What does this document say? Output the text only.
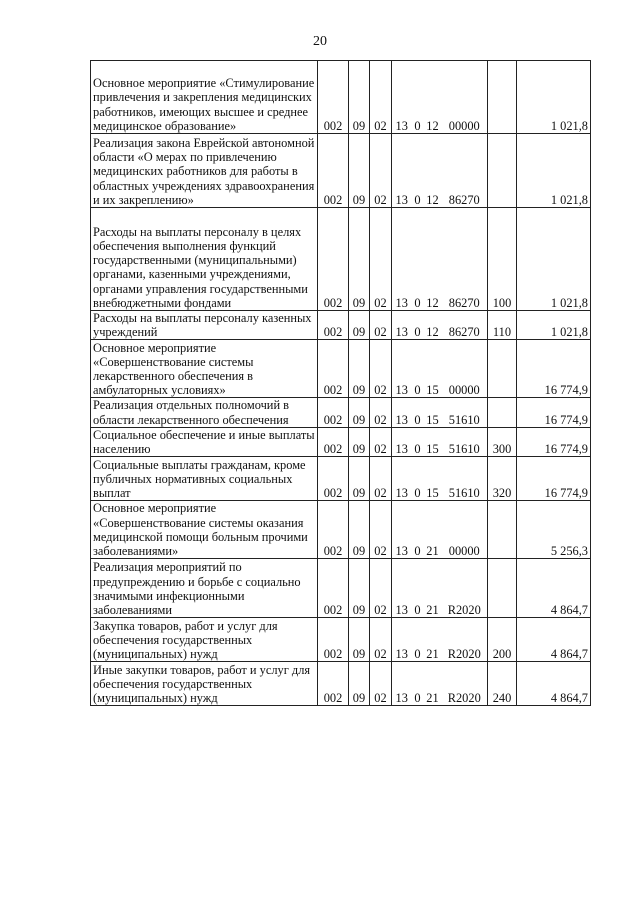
20
Основное мероприятие «Стимулирование привлечения и закрепления медицинских работников, имеющих высшее и среднее медицинское образование»	002	09	02	13	0	12	00000		1 021,8
Реализация закона Еврейской автономной области «О мерах по привлечению медицинских работников для работы в областных учреждениях здравоохранения и их закреплению»	002	09	02	13	0	12	86270		1 021,8
Расходы на выплаты персоналу в целях обеспечения выполнения функций государственными (муниципальными) органами, казенными учреждениями, органами управления государственными внебюджетными фондами	002	09	02	13	0	12	86270	100	1 021,8
Расходы на выплаты персоналу казенных учреждений	002	09	02	13	0	12	86270	110	1 021,8
Основное мероприятие «Совершенствование системы лекарственного обеспечения в амбулаторных условиях»	002	09	02	13	0	15	00000		16 774,9
Реализация отдельных полномочий в области лекарственного обеспечения	002	09	02	13	0	15	51610		16 774,9
Социальное обеспечение и иные выплаты населению	002	09	02	13	0	15	51610	300	16 774,9
Социальные выплаты гражданам, кроме публичных нормативных социальных выплат	002	09	02	13	0	15	51610	320	16 774,9
Основное мероприятие «Совершенствование системы оказания медицинской помощи больным прочими заболеваниями»	002	09	02	13	0	21	00000		5 256,3
Реализация мероприятий по предупреждению и борьбе с социально значимыми инфекционными заболеваниями	002	09	02	13	0	21	R2020		4 864,7
Закупка товаров, работ и услуг для обеспечения государственных (муниципальных) нужд	002	09	02	13	0	21	R2020	200	4 864,7
Иные закупки товаров, работ и услуг для обеспечения государственных (муниципальных) нужд	002	09	02	13	0	21	R2020	240	4 864,7
